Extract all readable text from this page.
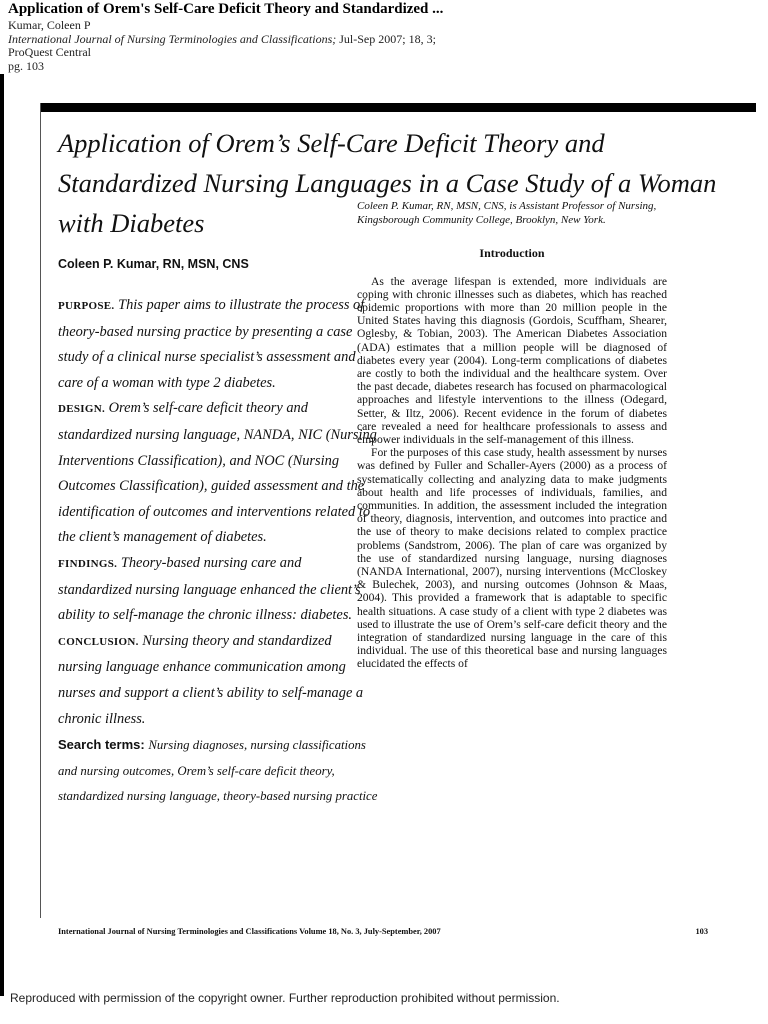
Application of Orem's Self-Care Deficit Theory and Standardized ...
Kumar, Coleen P
International Journal of Nursing Terminologies and Classifications; Jul-Sep 2007; 18, 3;
ProQuest Central
pg. 103
Application of Orem’s Self-Care Deficit Theory and Standardized Nursing Languages in a Case Study of a Woman with Diabetes
Coleen P. Kumar, RN, MSN, CNS

PURPOSE. This paper aims to illustrate the process of theory-based nursing practice by presenting a case study of a clinical nurse specialist’s assessment and care of a woman with type 2 diabetes.

DESIGN. Orem’s self-care deficit theory and standardized nursing language, NANDA, NIC (Nursing Interventions Classification), and NOC (Nursing Outcomes Classification), guided assessment and the identification of outcomes and interventions related to the client’s management of diabetes.

FINDINGS. Theory-based nursing care and standardized nursing language enhanced the client’s ability to self-manage the chronic illness: diabetes.

CONCLUSION. Nursing theory and standardized nursing language enhance communication among nurses and support a client’s ability to self-manage a chronic illness.

Search terms: Nursing diagnoses, nursing classifications and nursing outcomes, Orem’s self-care deficit theory, standardized nursing language, theory-based nursing practice

Coleen P. Kumar, RN, MSN, CNS, is Assistant Professor of Nursing, Kingsborough Community College, Brooklyn, New York.

Introduction

As the average lifespan is extended, more individuals are coping with chronic illnesses such as diabetes, which has reached epidemic proportions with more than 20 million people in the United States having this diagnosis (Gordois, Scuffham, Shearer, Oglesby, & Tobian, 2003). The American Diabetes Association (ADA) estimates that a million people will be diagnosed of diabetes every year (2004). Long-term complications of diabetes are costly to both the individual and the healthcare system. Over the past decade, diabetes research has focused on pharmacological approaches and lifestyle interventions to the illness (Odegard, Setter, & Iltz, 2006). Recent evidence in the forum of diabetes care revealed a need for healthcare professionals to assess and empower individuals in the self-management of this illness.

For the purposes of this case study, health assessment by nurses was defined by Fuller and Schaller-Ayers (2000) as a process of systematically collecting and analyzing data to make judgments about health and life processes of individuals, families, and communities. In addition, the assessment included the integration of theory, diagnosis, intervention, and outcomes into practice and the use of theory to make decisions related to complex practice problems (Sandstrom, 2006). The plan of care was organized by the use of standardized nursing language, nursing diagnoses (NANDA International, 2007), nursing interventions (McCloskey & Bulechek, 2003), and nursing outcomes (Johnson & Maas, 2004). This provided a framework that is adaptable to specific health situations. A case study of a client with type 2 diabetes was used to illustrate the use of Orem’s self-care deficit theory and the integration of standardized nursing language in the care of this individual. The use of this theoretical base and nursing languages elucidated the effects of

International Journal of Nursing Terminologies and Classifications Volume 18, No. 3, July-September, 2007	103
Reproduced with permission of the copyright owner. Further reproduction prohibited without permission.
